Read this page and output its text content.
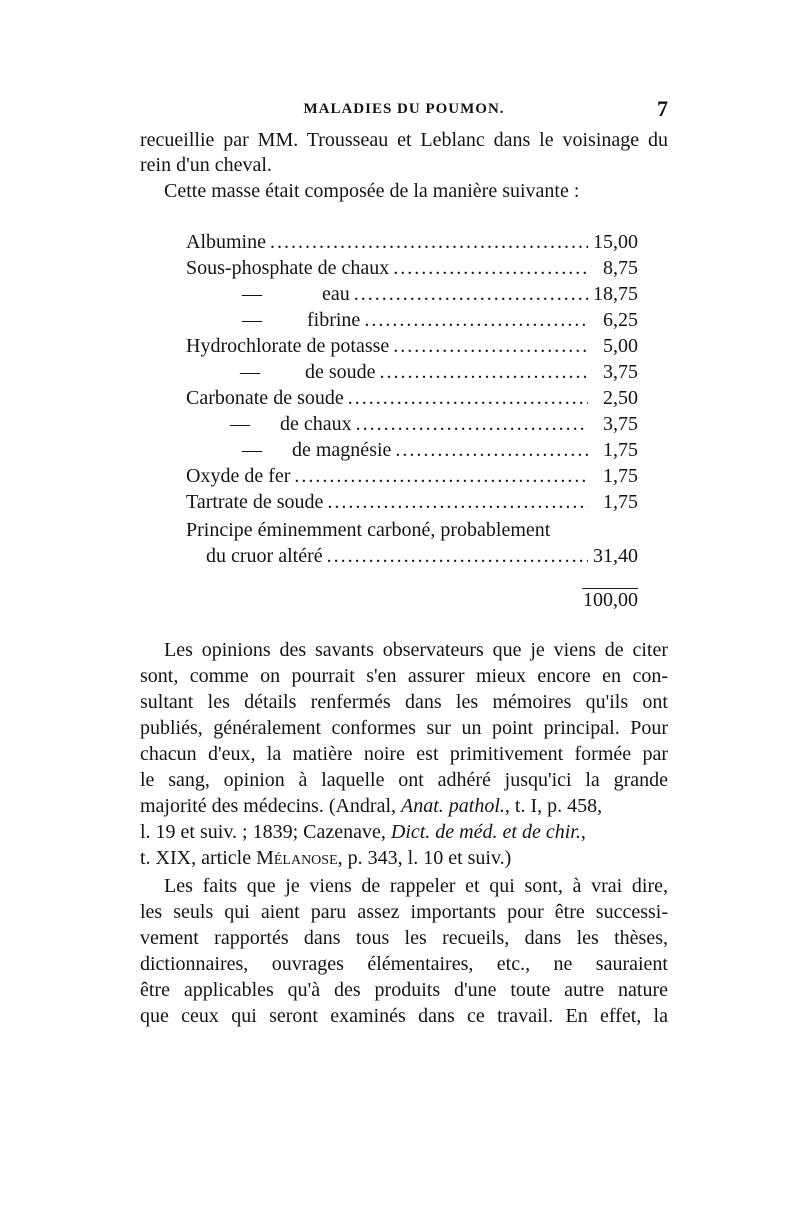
MALADIES DU POUMON.	7

recueillie par MM. Trousseau et Leblanc dans le voisinage du

rein d'un cheval.

Cette masse était composée de la manière suivante :

Albumine .....	15,00
Sous-phosphate de chaux .....	8,75
—            eau .....	18,75
—         fibrine .....	6,25
Hydrochlorate de potasse .....	5,00
—         de soude .....	3,75
Carbonate de soude .....	2,50
—      de chaux .....	3,75
—      de magnésie .....	1,75
Oxyde de fer .....	1,75
Tartrate de soude .....	1,75
Principe éminemment carboné, probablement
du cruor altéré .....	31,40
100,00

Les opinions des savants observateurs que je viens de citer

sont, comme on pourrait s'en assurer mieux encore en con-

sultant les détails renfermés dans les mémoires qu'ils ont

publiés, généralement conformes sur un point principal. Pour

chacun d'eux, la matière noire est primitivement formée par

le sang, opinion à laquelle ont adhéré jusqu'ici la grande

majorité des médecins. (Andral, Anat. pathol., t. I, p. 458,

l. 19 et suiv. ; 1839; Cazenave, Dict. de méd. et de chir.,

t. XIX, article Mélanose, p. 343, l. 10 et suiv.)

Les faits que je viens de rappeler et qui sont, à vrai dire,

les seuls qui aient paru assez importants pour être successi-

vement rapportés dans tous les recueils, dans les thèses,

dictionnaires, ouvrages élémentaires, etc., ne sauraient

être applicables qu'à des produits d'une toute autre nature

que ceux qui seront examinés dans ce travail. En effet, la
